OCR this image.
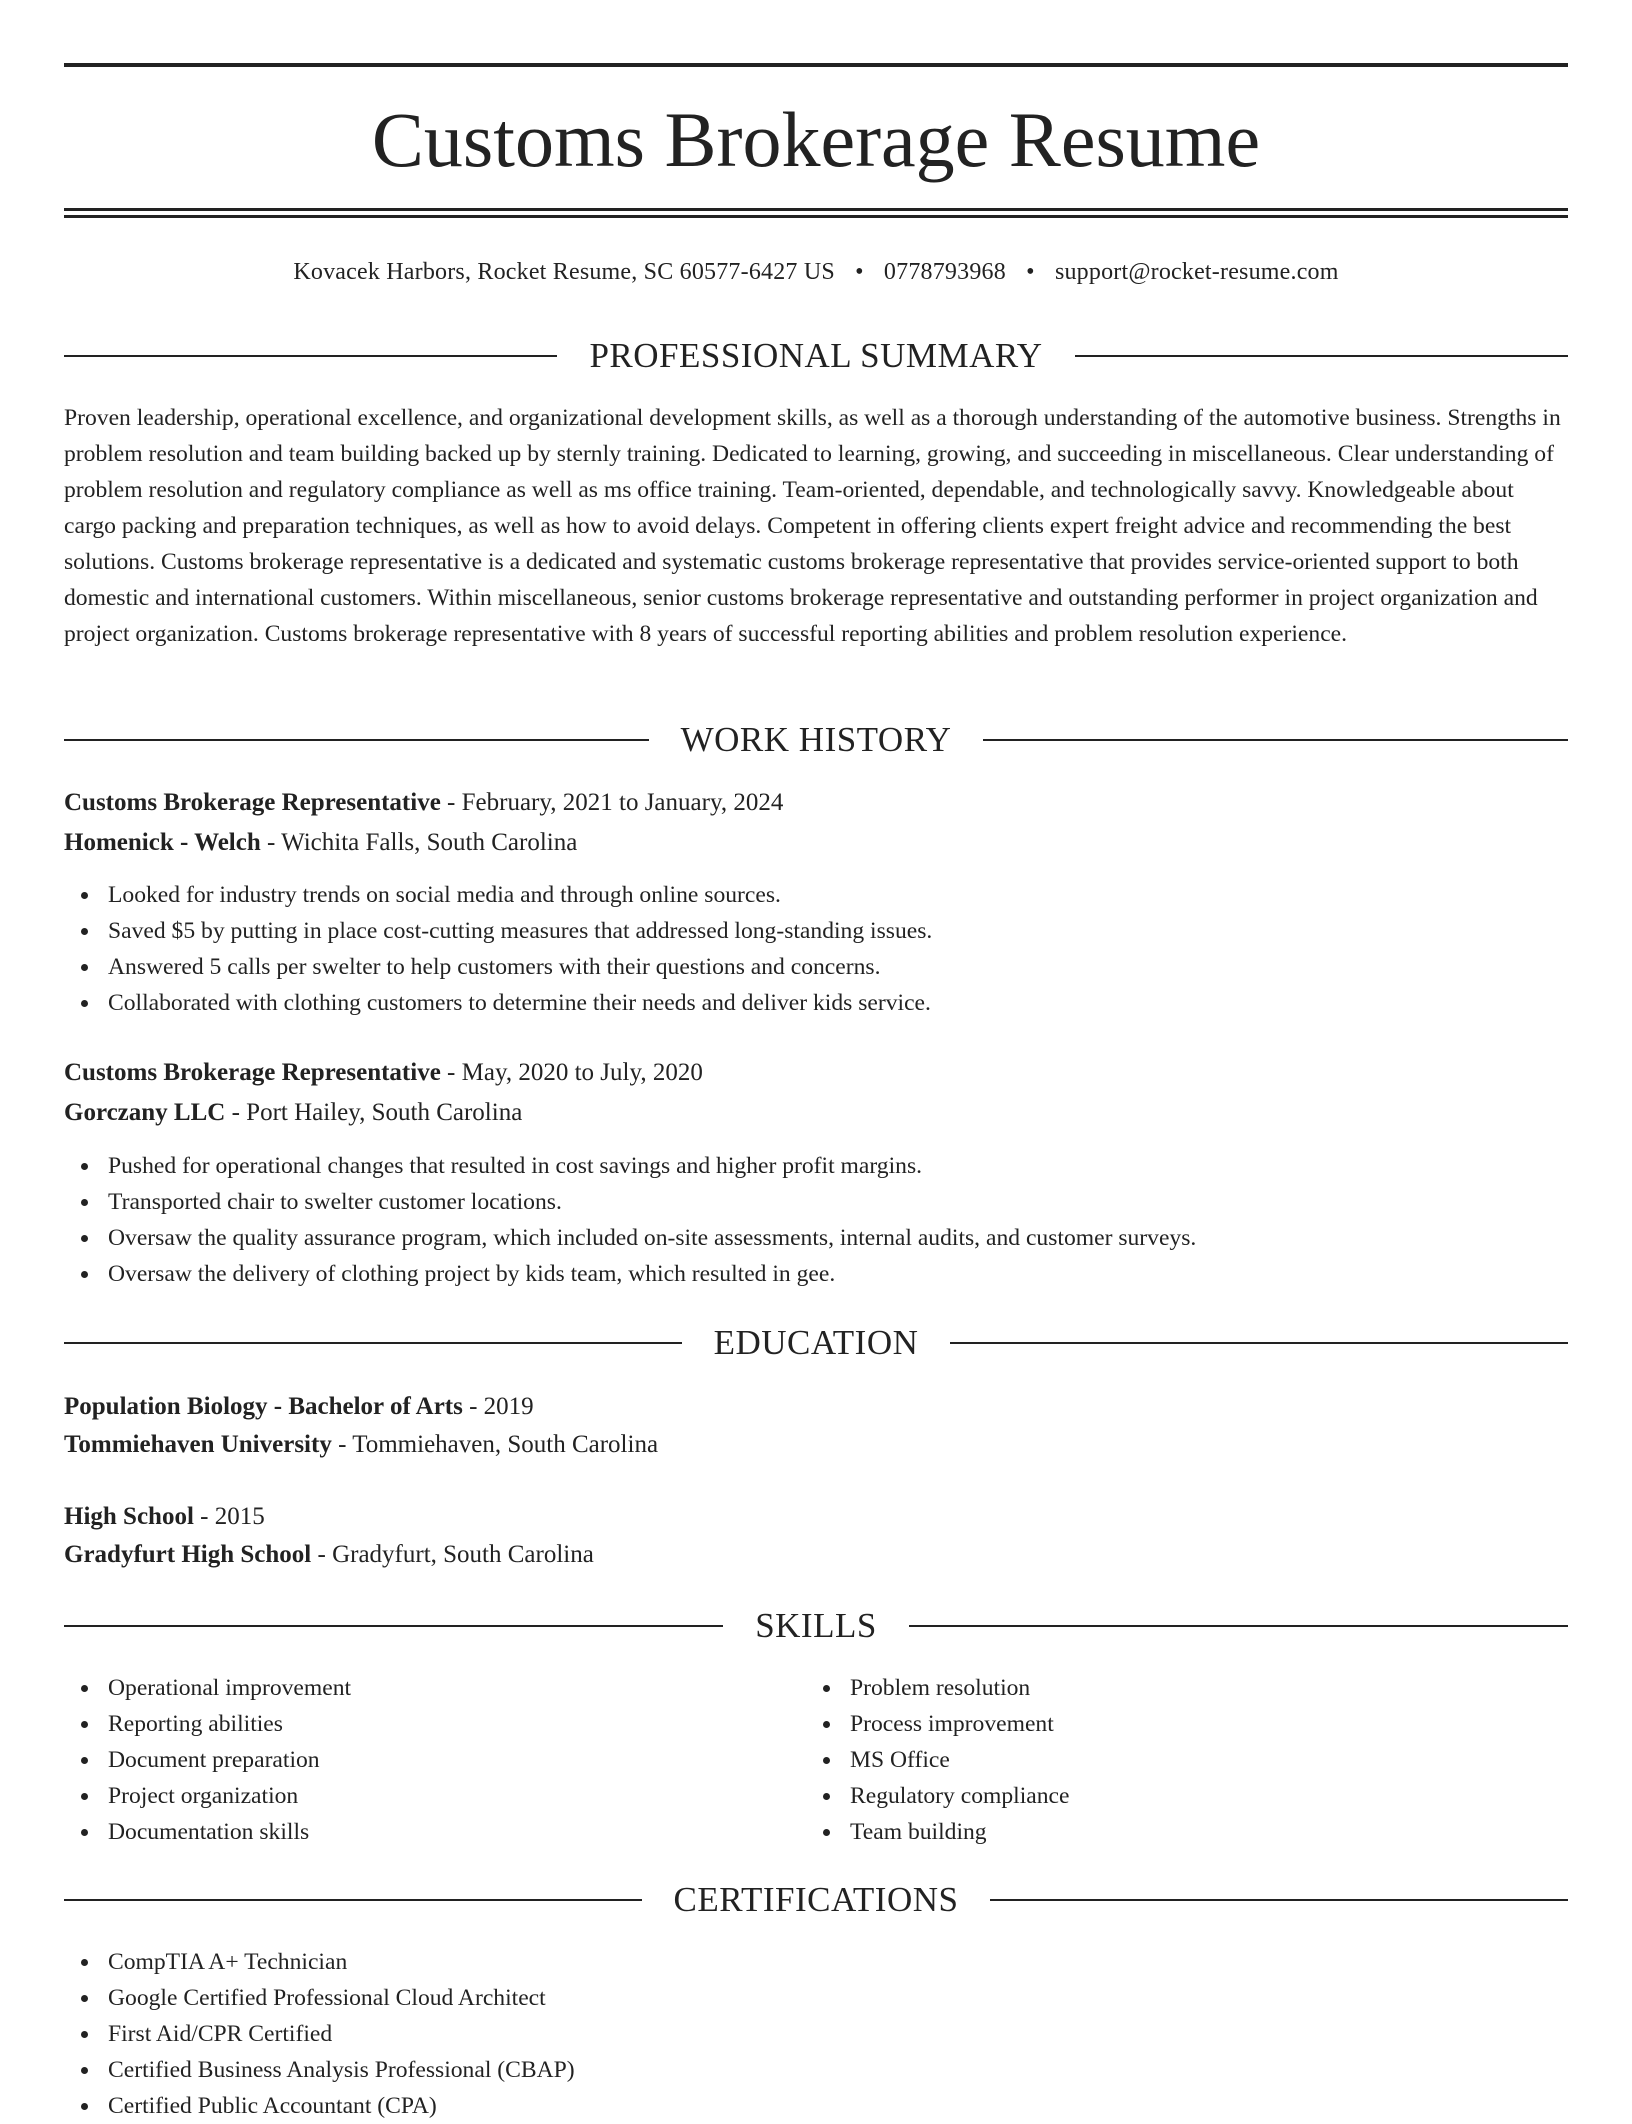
Customs Brokerage Resume
Kovacek Harbors, Rocket Resume, SC 60577-6427 US • 0778793968 • support@rocket-resume.com
PROFESSIONAL SUMMARY

Proven leadership, operational excellence, and organizational development skills, as well as a thorough understanding of the automotive business. Strengths in problem resolution and team building backed up by sternly training. Dedicated to learning, growing, and succeeding in miscellaneous. Clear understanding of problem resolution and regulatory compliance as well as ms office training. Team-oriented, dependable, and technologically savvy. Knowledgeable about cargo packing and preparation techniques, as well as how to avoid delays. Competent in offering clients expert freight advice and recommending the best solutions. Customs brokerage representative is a dedicated and systematic customs brokerage representative that provides service-oriented support to both domestic and international customers. Within miscellaneous, senior customs brokerage representative and outstanding performer in project organization and project organization. Customs brokerage representative with 8 years of successful reporting abilities and problem resolution experience.

WORK HISTORY
Customs Brokerage Representative - February, 2021 to January, 2024
Homenick - Welch - Wichita Falls, South Carolina
Looked for industry trends on social media and through online sources.
Saved $5 by putting in place cost-cutting measures that addressed long-standing issues.
Answered 5 calls per swelter to help customers with their questions and concerns.
Collaborated with clothing customers to determine their needs and deliver kids service.
Customs Brokerage Representative - May, 2020 to July, 2020
Gorczany LLC - Port Hailey, South Carolina
Pushed for operational changes that resulted in cost savings and higher profit margins.
Transported chair to swelter customer locations.
Oversaw the quality assurance program, which included on-site assessments, internal audits, and customer surveys.
Oversaw the delivery of clothing project by kids team, which resulted in gee.
EDUCATION
Population Biology - Bachelor of Arts - 2019
Tommiehaven University - Tommiehaven, South Carolina
High School - 2015
Gradyfurt High School - Gradyfurt, South Carolina
SKILLS
Operational improvement
Reporting abilities
Document preparation
Project organization
Documentation skills
Problem resolution
Process improvement
MS Office
Regulatory compliance
Team building
CERTIFICATIONS
CompTIA A+ Technician
Google Certified Professional Cloud Architect
First Aid/CPR Certified
Certified Business Analysis Professional (CBAP)
Certified Public Accountant (CPA)
